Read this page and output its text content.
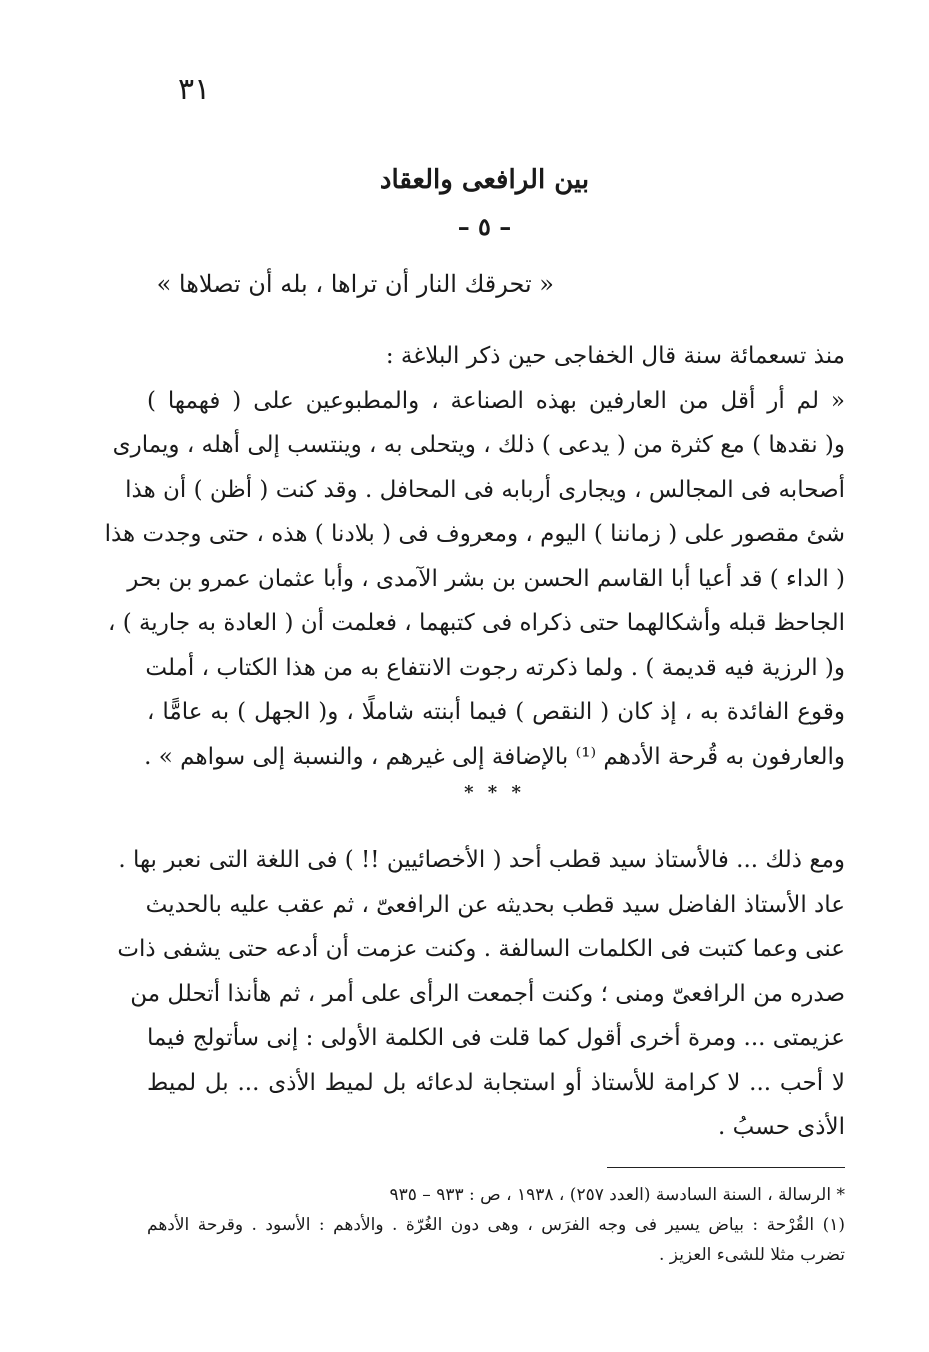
٣١
بين الرافعى والعقاد
– ٥ –
« تحرقك النار أن تراها ، بله أن تصلاها »
منذ تسعمائة سنة قال الخفاجى حين ذكر البلاغة :
« لم أر أقل من العارفين بهذه الصناعة ، والمطبوعين على ( فهمها )
و( نقدها ) مع كثرة من ( يدعى ) ذلك ، ويتحلى به ، وينتسب إلى أهله ، ويمارى
أصحابه فى المجالس ، ويجارى أربابه فى المحافل . وقد كنت ( أظن ) أن هذا
شئ مقصور على ( زماننا ) اليوم ، ومعروف فى ( بلادنا ) هذه ، حتى وجدت هذا
( الداء ) قد أعيا أبا القاسم الحسن بن بشر الآمدى ، وأبا عثمان عمرو بن بحر
الجاحظ قبله وأشكالهما حتى ذكراه فى كتبهما ، فعلمت أن ( العادة به جارية ) ،
و( الرزية فيه قديمة ) . ولما ذكرته رجوت الانتفاع به من هذا الكتاب ، أملت
وقوع الفائدة به ، إذ كان ( النقص ) فيما أبنته شاملًا ، و( الجهل ) به عامًّا ،
والعارفون به قُرحة الأدهم ⁽¹⁾ بالإضافة إلى غيرهم ، والنسبة إلى سواهم » .
* * *
ومع ذلك ... فالأستاذ سيد قطب أحد ( الأخصائيين !! ) فى اللغة التى نعبر بها .
عاد الأستاذ الفاضل سيد قطب بحديثه عن الرافعىّ ، ثم عقب عليه بالحديث
عنى وعما كتبت فى الكلمات السالفة . وكنت عزمت أن أدعه حتى يشفى ذات
صدره من الرافعىّ ومنى ؛ وكنت أجمعت الرأى على أمر ، ثم هأنذا أتحلل من
عزيمتى ... ومرة أخرى أقول كما قلت فى الكلمة الأولى : إنى سأتولج فيما
لا أحب ... لا كرامة للأستاذ أو استجابة لدعائه بل لميط الأذى ... بل لميط
الأذى حسبُ .
* الرسالة ، السنة السادسة (العدد ٢٥٧) ، ١٩٣٨ ، ص : ٩٣٣ – ٩٣٥
(١) القُرْحة : بياض يسير فى وجه الفرَس ، وهى دون الغُرّة . والأدهم : الأسود . وقرحة الأدهم
تضرب مثلا للشىء العزيز .
